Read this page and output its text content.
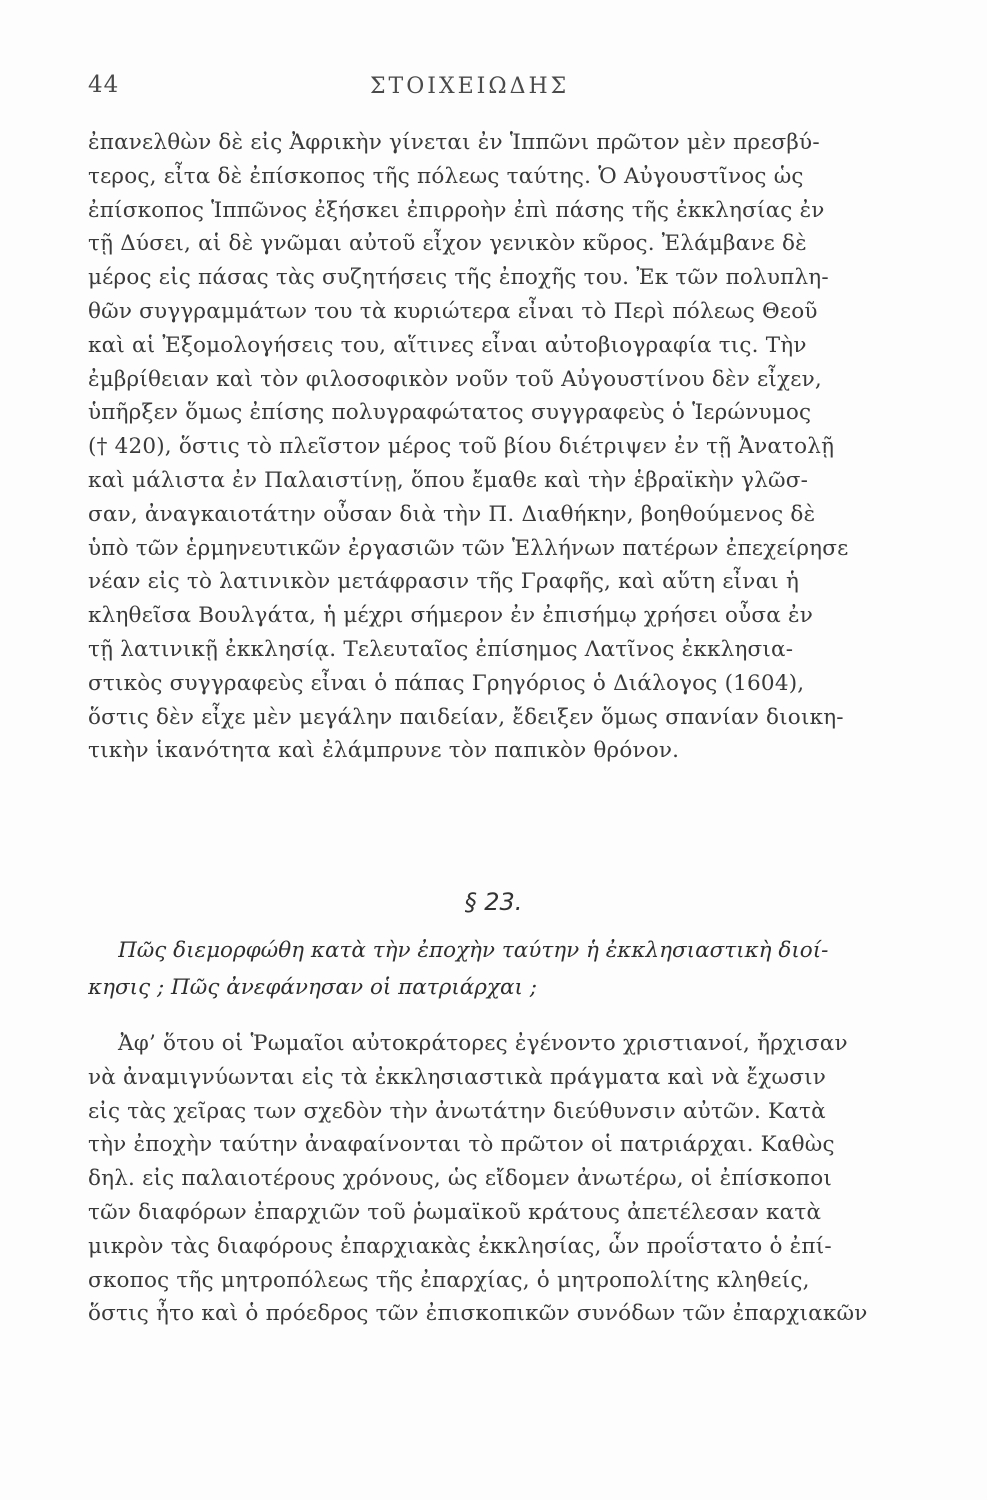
44	ΣΤΟΙΧΕΙΩΔΗΣ
ἐπανελθὼν δὲ εἰς Ἀφρικὴν γίνεται ἐν Ἱππῶνι πρῶτον μὲν πρεσβύ-
τερος, εἶτα δὲ ἐπίσκοπος τῆς πόλεως ταύτης. Ὁ Αὐγουστῖνος ὡς
ἐπίσκοπος Ἱππῶνος ἐξήσκει ἐπιρροὴν ἐπὶ πάσης τῆς ἐκκλησίας ἐν
τῇ Δύσει, αἱ δὲ γνῶμαι αὐτοῦ εἶχον γενικὸν κῦρος. Ἐλάμβανε δὲ
μέρος εἰς πάσας τὰς συζητήσεις τῆς ἐποχῆς του. Ἐκ τῶν πολυπλη-
θῶν συγγραμμάτων του τὰ κυριώτερα εἶναι τὸ Περὶ πόλεως Θεοῦ
καὶ αἱ Ἐξομολογήσεις του, αἵτινες εἶναι αὐτοβιογραφία τις. Τὴν
ἐμβρίθειαν καὶ τὸν φιλοσοφικὸν νοῦν τοῦ Αὐγουστίνου δὲν εἶχεν,
ὑπῆρξεν ὅμως ἐπίσης πολυγραφώτατος συγγραφεὺς ὁ Ἱερώνυμος
(† 420), ὅστις τὸ πλεῖστον μέρος τοῦ βίου διέτριψεν ἐν τῇ Ἀνατολῇ
καὶ μάλιστα ἐν Παλαιστίνῃ, ὅπου ἔμαθε καὶ τὴν ἑβραϊκὴν γλῶσ-
σαν, ἀναγκαιοτάτην οὖσαν διὰ τὴν Π. Διαθήκην, βοηθούμενος δὲ
ὑπὸ τῶν ἑρμηνευτικῶν ἐργασιῶν τῶν Ἑλλήνων πατέρων ἐπεχείρησε
νέαν εἰς τὸ λατινικὸν μετάφρασιν τῆς Γραφῆς, καὶ αὕτη εἶναι ἡ
κληθεῖσα Βουλγάτα, ἡ μέχρι σήμερον ἐν ἐπισήμῳ χρήσει οὖσα ἐν
τῇ λατινικῇ ἐκκλησίᾳ. Τελευταῖος ἐπίσημος Λατῖνος ἐκκλησια-
στικὸς συγγραφεὺς εἶναι ὁ πάπας Γρηγόριος ὁ Διάλογος (1604),
ὅστις δὲν εἶχε μὲν μεγάλην παιδείαν, ἔδειξεν ὅμως σπανίαν διοικη-
τικὴν ἱκανότητα καὶ ἐλάμπρυνε τὸν παπικὸν θρόνον.
§ 23.
Πῶς διεμορφώθη κατὰ τὴν ἐποχὴν ταύτην ἡ ἐκκλησιαστικὴ διοί-
κησις ; Πῶς ἀνεφάνησαν οἱ πατριάρχαι ;
Ἀφ’ ὅτου οἱ Ῥωμαῖοι αὐτοκράτορες ἐγένοντο χριστιανοί, ἤρχισαν
νὰ ἀναμιγνύωνται εἰς τὰ ἐκκλησιαστικὰ πράγματα καὶ νὰ ἔχωσιν
εἰς τὰς χεῖρας των σχεδὸν τὴν ἀνωτάτην διεύθυνσιν αὐτῶν. Κατὰ
τὴν ἐποχὴν ταύτην ἀναφαίνονται τὸ πρῶτον οἱ πατριάρχαι. Καθὼς
δηλ. εἰς παλαιοτέρους χρόνους, ὡς εἴδομεν ἀνωτέρω, οἱ ἐπίσκοποι
τῶν διαφόρων ἐπαρχιῶν τοῦ ῥωμαϊκοῦ κράτους ἀπετέλεσαν κατὰ
μικρὸν τὰς διαφόρους ἐπαρχιακὰς ἐκκλησίας, ὧν προΐστατο ὁ ἐπί-
σκοπος τῆς μητροπόλεως τῆς ἐπαρχίας, ὁ μητροπολίτης κληθείς,
ὅστις ἦτο καὶ ὁ πρόεδρος τῶν ἐπισκοπικῶν συνόδων τῶν ἐπαρχιακῶν
